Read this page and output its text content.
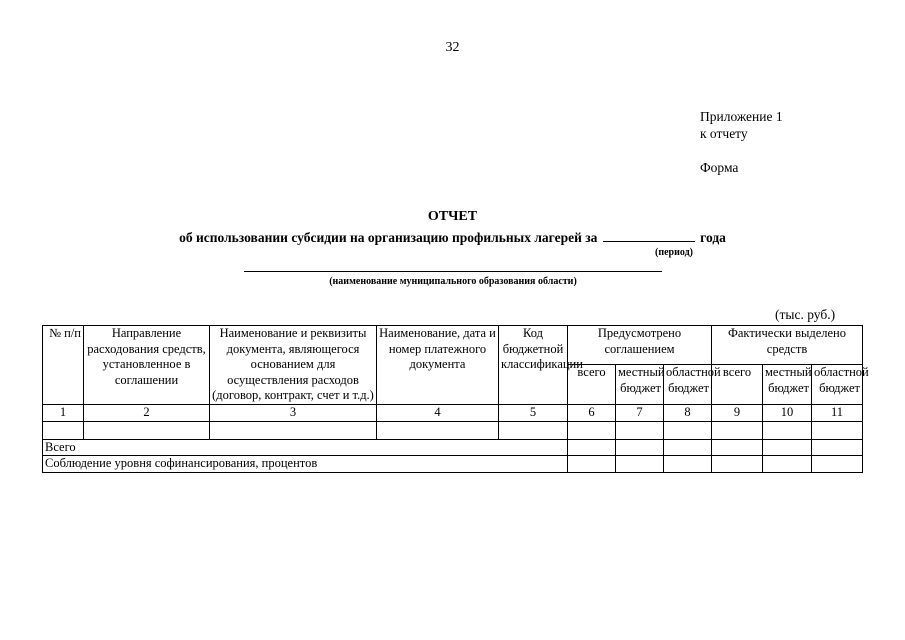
32
Приложение 1
к отчету
Форма
ОТЧЕТ
об использовании субсидии на организацию профильных лагерей за	года
(период)
(наименование муниципального образования области)
(тыс. руб.)
№ п/п	Направление расходования средств, установленное в соглашении	Наименование и реквизиты документа, являющегося основанием для осуществления расходов (договор, контракт, счет и т.д.)	Наименование, дата и номер платежного документа	Код бюджетной классификации	Предусмотрено соглашением			Фактически выделено средств		
					всего	местный бюджет	областной бюджет	всего	местный бюджет	областной бюджет
1	2	3	4	5	6	7	8	9	10	11

Всего										
Соблюдение уровня софинансирования, процентов										
